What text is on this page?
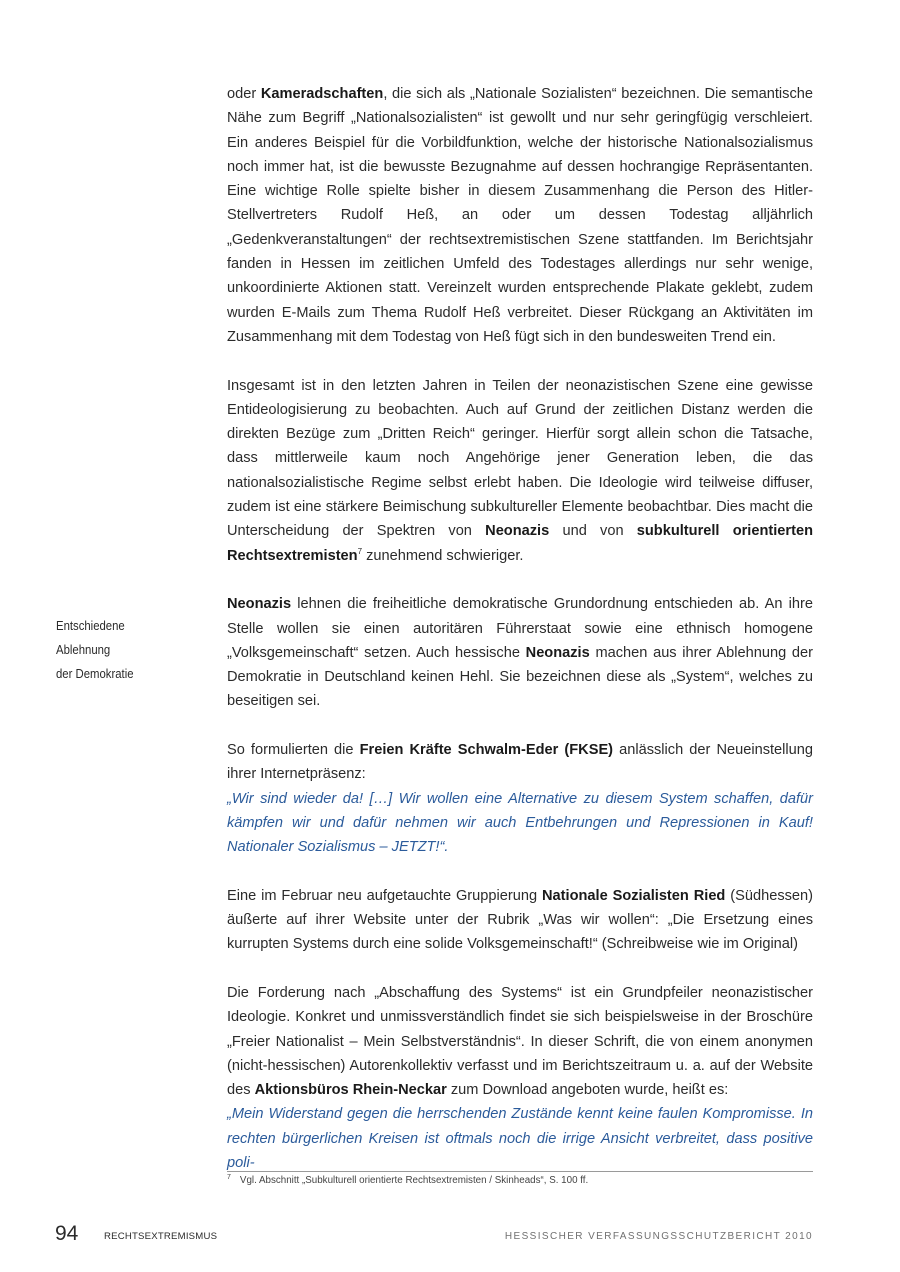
oder Kameradschaften, die sich als „Nationale Sozialisten“ bezeichnen. Die semantische Nähe zum Begriff „Nationalsozialisten“ ist gewollt und nur sehr geringfügig verschleiert. Ein anderes Beispiel für die Vorbildfunktion, welche der historische Nationalsozialismus noch immer hat, ist die bewusste Bezugnahme auf dessen hochrangige Repräsentanten. Eine wichtige Rolle spielte bisher in diesem Zusammenhang die Person des Hitler-Stellvertreters Rudolf Heß, an oder um dessen Todestag alljährlich „Gedenkveranstaltungen“ der rechtsextremistischen Szene stattfanden. Im Berichtsjahr fanden in Hessen im zeitlichen Umfeld des Todestages allerdings nur sehr wenige, unkoordinierte Aktionen statt. Vereinzelt wurden entsprechende Plakate geklebt, zudem wurden E-Mails zum Thema Rudolf Heß verbreitet. Dieser Rückgang an Aktivitäten im Zusammenhang mit dem Todestag von Heß fügt sich in den bundesweiten Trend ein.

Insgesamt ist in den letzten Jahren in Teilen der neonazistischen Szene eine gewisse Entideologisierung zu beobachten. Auch auf Grund der zeitlichen Distanz werden die direkten Bezüge zum „Dritten Reich“ geringer. Hierfür sorgt allein schon die Tatsache, dass mittlerweile kaum noch Angehörige jener Generation leben, die das nationalsozialistische Regime selbst erlebt haben. Die Ideologie wird teilweise diffuser, zudem ist eine stärkere Beimischung subkultureller Elemente beobachtbar. Dies macht die Unterscheidung der Spektren von Neonazis und von subkulturell orientierten Rechtsextremisten$^7$ zunehmend schwieriger.

Neonazis lehnen die freiheitliche demokratische Grundordnung entschieden ab. An ihre Stelle wollen sie einen autoritären Führerstaat sowie eine ethnisch homogene „Volksgemeinschaft“ setzen. Auch hessische Neonazis machen aus ihrer Ablehnung der Demokratie in Deutschland keinen Hehl. Sie bezeichnen diese als „System“, welches zu beseitigen sei.

So formulierten die Freien Kräfte Schwalm-Eder (FKSE) anlässlich der Neueinstellung ihrer Internetpräsenz:
„Wir sind wieder da! […] Wir wollen eine Alternative zu diesem System schaffen, dafür kämpfen wir und dafür nehmen wir auch Entbehrungen und Repressionen in Kauf! Nationaler Sozialismus – JETZT!“.

Eine im Februar neu aufgetauchte Gruppierung Nationale Sozialisten Ried (Südhessen) äußerte auf ihrer Website unter der Rubrik „Was wir wollen“: „Die Ersetzung eines kurrupten Systems durch eine solide Volksgemeinschaft!“ (Schreibweise wie im Original)

Die Forderung nach „Abschaffung des Systems“ ist ein Grundpfeiler neonazistischer Ideologie. Konkret und unmissverständlich findet sie sich beispielsweise in der Broschüre „Freier Nationalist – Mein Selbstverständnis“. In dieser Schrift, die von einem anonymen (nicht-hessischen) Autorenkollektiv verfasst und im Berichtszeitraum u. a. auf der Website des Aktionsbüros Rhein-Neckar zum Download angeboten wurde, heißt es:
„Mein Widerstand gegen die herrschenden Zustände kennt keine faulen Kompromisse. In rechten bürgerlichen Kreisen ist oftmals noch die irrige Ansicht verbreitet, dass positive poli-

Entschiedene
Ablehnung
der Demokratie
$^7$ Vgl. Abschnitt „Subkulturell orientierte Rechtsextremisten / Skinheads“, S. 100 ff.
94	RECHTSEXTREMISMUS	HESSISCHER VERFASSUNGSSCHUTZBERICHT 2010
